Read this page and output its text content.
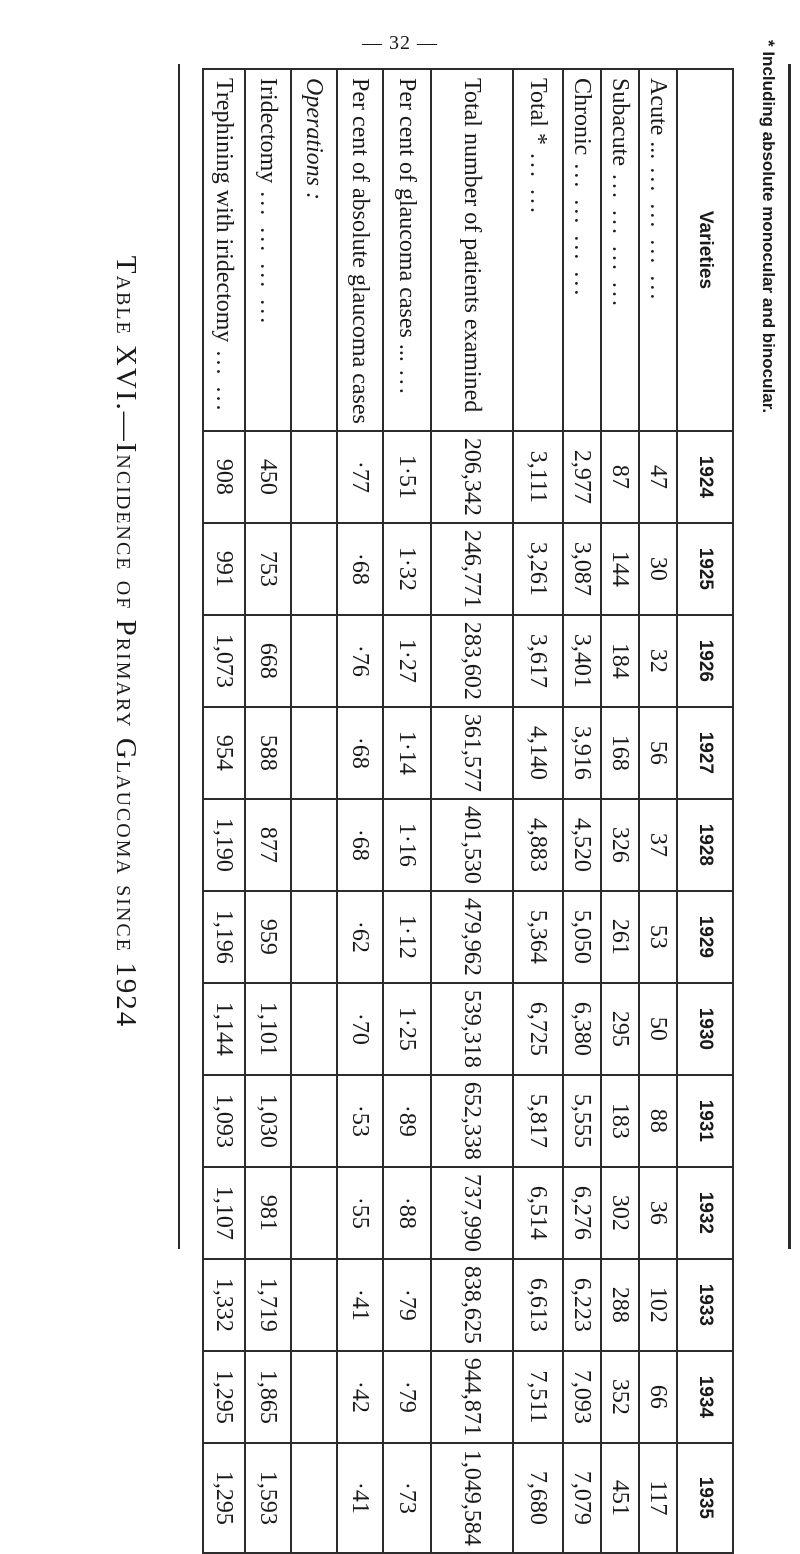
— 32 —	* Including absolute monocular and binocular.
Varieties	1924	1925	1926	1927	1928	1929	1930	1931	1932	1933	1934	1935
Acute ...... ... ... ...	47	30	32	56	37	53	50	88	36	102	66	117
Subacute... ... ... ...	87	144	184	168	326	261	295	183	302	288	352	451
Chronic... ... ... ...	2,977	3,087	3,401	3,916	4,520	5,050	6,380	5,555	6,276	6,223	7,093	7,079
Total *... ...	3,111	3,261	3,617	4,140	4,883	5,364	6,725	5,817	6,514	6,613	7,511	7,680
Total number of patients examined	206,342	246,771	283,602	361,577	401,530	479,962	539,318	652,338	737,990	838,625	944,871	1,049,584
Per cent of glaucoma cases ......	1·51	1·32	1·27	1·14	1·16	1·12	1·25	·89	·88	·79	·79	·73
Per cent of absolute glaucoma cases	·77	·68	·76	·68	·68	·62	·70	·53	·55	·41	·42	·41
Operations :												
Iridectomy... ... ... ...	450	753	668	588	877	959	1,101	1,030	981	1,719	1,865	1,593
Trephining with iridectomy... ...	908	991	1,073	954	1,190	1,196	1,144	1,093	1,107	1,332	1,295	1,295
Table XVI.—Incidence of Primary Glaucoma since 1924
